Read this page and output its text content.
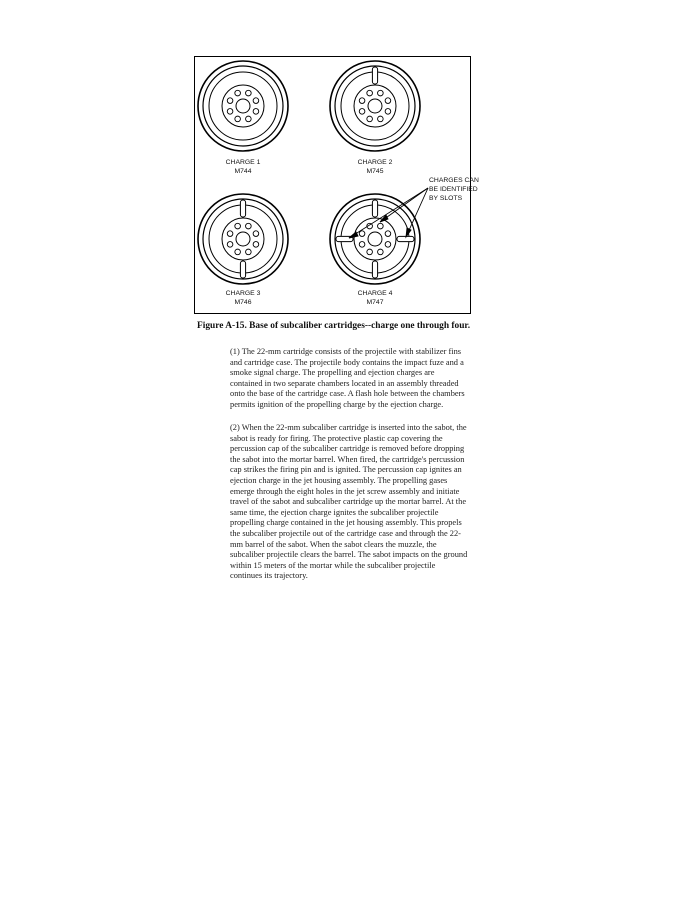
CHARGE 1
M744
CHARGE 2
M745
CHARGE 3
M746
CHARGE 4
M747
CHARGES CAN
BE IDENTIFIED
BY SLOTS

Figure A-15. Base of subcaliber cartridges--charge one through four.

(1) The 22-mm cartridge consists of the projectile with stabilizer fins and cartridge case. The projectile body contains the impact fuze and a smoke signal charge. The propelling and ejection charges are contained in two separate chambers located in an assembly threaded onto the base of the cartridge case. A flash hole between the chambers permits ignition of the propelling charge by the ejection charge.

(2) When the 22-mm subcaliber cartridge is inserted into the sabot, the sabot is ready for firing. The protective plastic cap covering the percussion cap of the subcaliber cartridge is removed before dropping the sabot into the mortar barrel. When fired, the cartridge's percussion cap strikes the firing pin and is ignited. The percussion cap ignites an ejection charge in the jet housing assembly. The propelling gases emerge through the eight holes in the jet screw assembly and initiate travel of the sabot and subcaliber cartridge up the mortar barrel. At the same time, the ejection charge ignites the subcaliber projectile propelling charge contained in the jet housing assembly. This propels the subcaliber projectile out of the cartridge case and through the 22-mm barrel of the sabot. When the sabot clears the muzzle, the subcaliber projectile clears the barrel. The sabot impacts on the ground within 15 meters of the mortar while the subcaliber projectile continues its trajectory.
